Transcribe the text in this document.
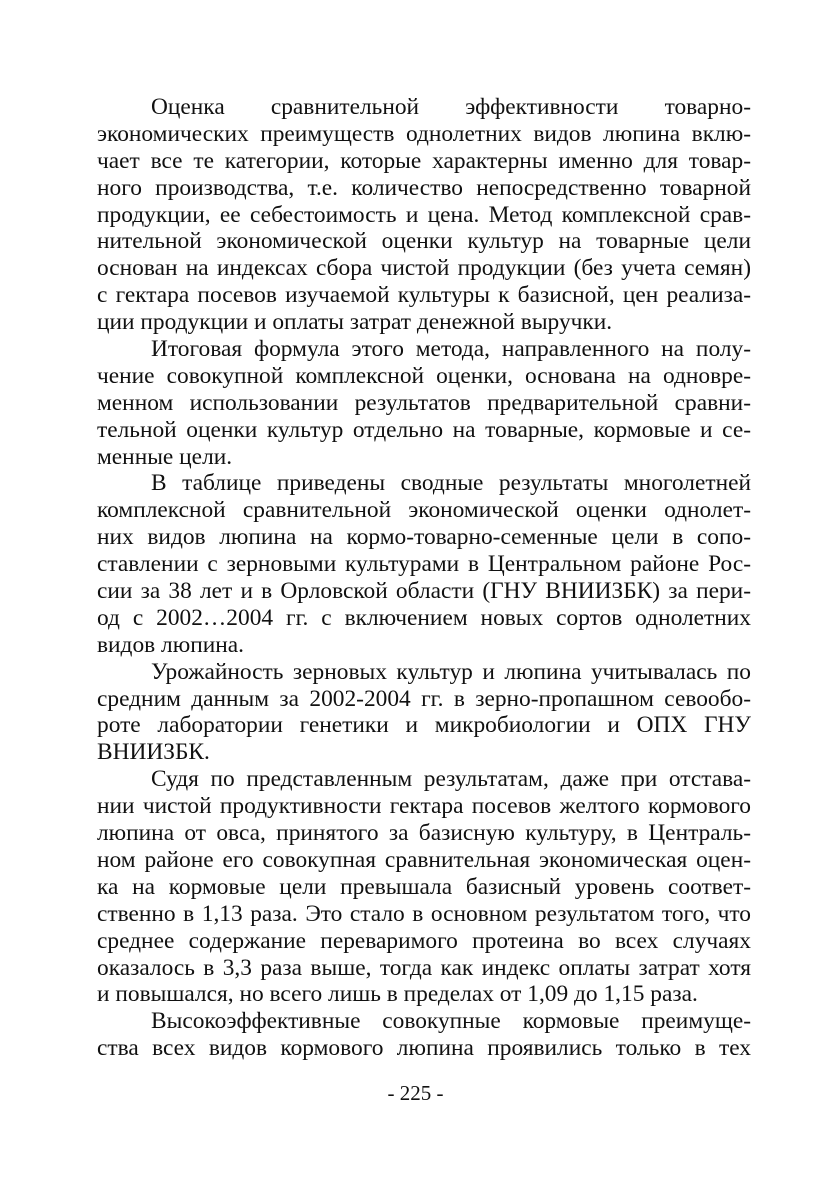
Оценка сравнительной эффективности товарно-
экономических преимуществ однолетних видов люпина вклю-
чает все те категории, которые характерны именно для товар-
ного производства, т.е. количество непосредственно товарной
продукции, ее себестоимость и цена. Метод комплексной срав-
нительной экономической оценки культур на товарные цели
основан на индексах сбора чистой продукции (без учета семян)
с гектара посевов изучаемой культуры к базисной, цен реализа-
ции продукции и оплаты затрат денежной выручки.
Итоговая формула этого метода, направленного на полу-
чение совокупной комплексной оценки, основана на одновре-
менном использовании результатов предварительной сравни-
тельной оценки культур отдельно на товарные, кормовые и се-
менные цели.
В таблице приведены сводные результаты многолетней
комплексной сравнительной экономической оценки однолет-
них видов люпина на кормо-товарно-семенные цели в сопо-
ставлении с зерновыми культурами в Центральном районе Рос-
сии за 38 лет и в Орловской области (ГНУ ВНИИЗБК) за пери-
од с 2002…2004 гг. с включением новых сортов однолетних
видов люпина.
Урожайность зерновых культур и люпина учитывалась по
средним данным за 2002-2004 гг. в зерно-пропашном севообо-
роте лаборатории генетики и микробиологии и ОПХ ГНУ
ВНИИЗБК.
Судя по представленным результатам, даже при отстава-
нии чистой продуктивности гектара посевов желтого кормового
люпина от овса, принятого за базисную культуру, в Централь-
ном районе его совокупная сравнительная экономическая оцен-
ка на кормовые цели превышала базисный уровень соответ-
ственно в 1,13 раза. Это стало в основном результатом того, что
среднее содержание переваримого протеина во всех случаях
оказалось в 3,3 раза выше, тогда как индекс оплаты затрат хотя
и повышался, но всего лишь в пределах от 1,09 до 1,15 раза.
Высокоэффективные совокупные кормовые преимуще-
ства всех видов кормового люпина проявились только в тех
- 225 -
